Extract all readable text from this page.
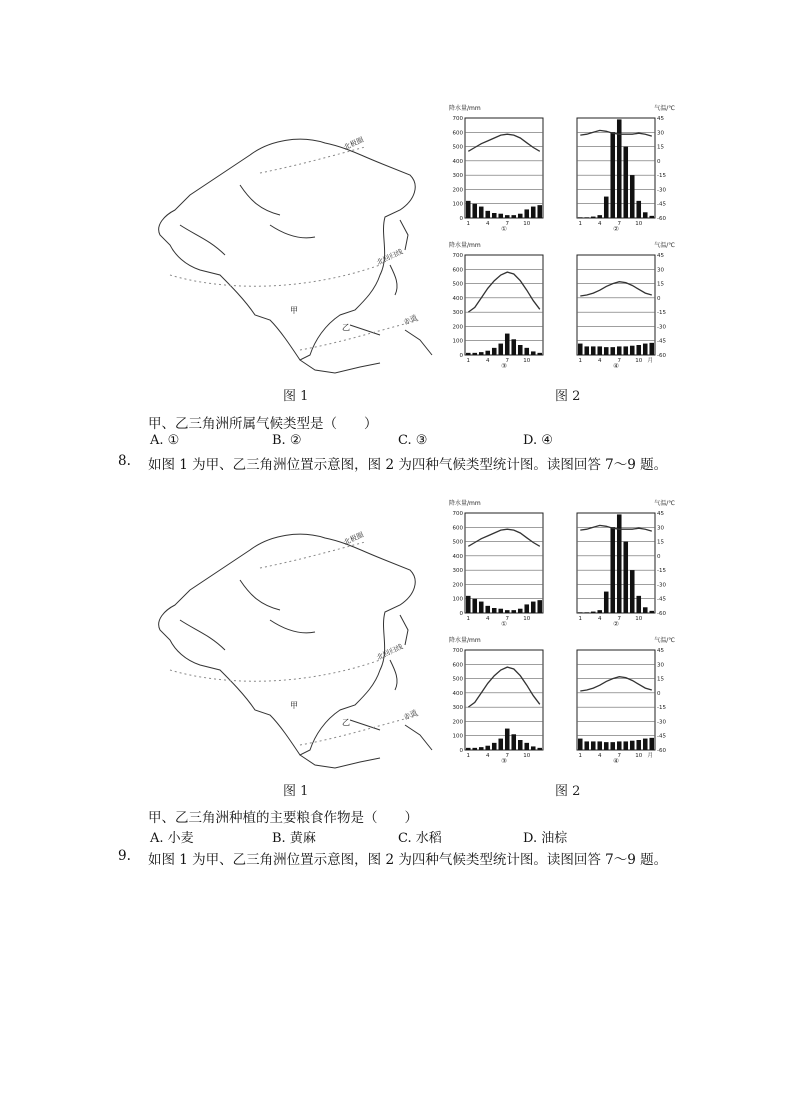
北极圈
北回归线
赤道
甲
乙
图 1
0
100
200
300
400
500
600
700
1	4	7	10
①
45
30
15
0
-15
-30
-45
-60
1	4	7	10
②
0
100
200
300
400
500
600
700
1	4	7	10
③
45
30
15
0
-15
-30
-45
-60
1	4	7	10 月
④
降水量/mm
降水量/mm
气温/℃
气温/℃
图 2
甲、乙三角洲所属气候类型是（　　）
A. ①	B. ②	C. ③	D. ④
8. 如图 1 为甲、乙三角洲位置示意图，图 2 为四种气候类型统计图。读图回答 7～9 题。
北极圈
北回归线
赤道
甲
乙
图 1
0
100
200
300
400
500
600
700
1	4	7	10
①
45
30
15
0
-15
-30
-45
-60
1	4	7	10
②
0
100
200
300
400
500
600
700
1	4	7	10
③
45
30
15
0
-15
-30
-45
-60
1	4	7	10 月
④
降水量/mm
降水量/mm
气温/℃
气温/℃
图 2
甲、乙三角洲种植的主要粮食作物是（　　）
A. 小麦	B. 黄麻	C. 水稻	D. 油棕
9. 如图 1 为甲、乙三角洲位置示意图，图 2 为四种气候类型统计图。读图回答 7～9 题。
